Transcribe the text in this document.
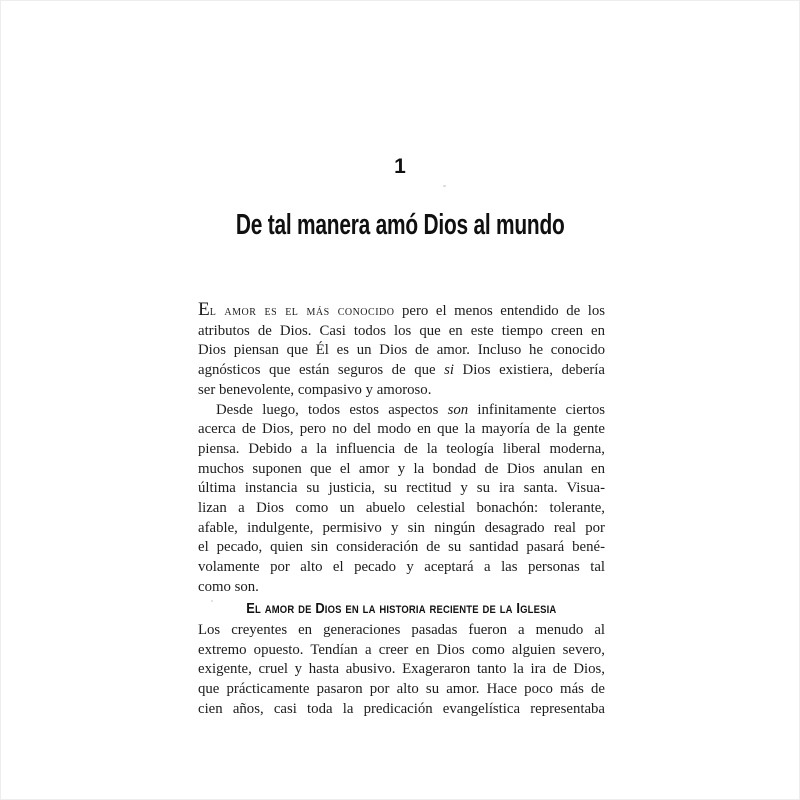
1
De tal manera amó Dios al mundo
El amor es el más conocido pero el menos entendido de los
atributos de Dios. Casi todos los que en este tiempo creen en
Dios piensan que Él es un Dios de amor. Incluso he conocido
agnósticos que están seguros de que si Dios existiera, debería
ser benevolente, compasivo y amoroso.
Desde luego, todos estos aspectos son infinitamente ciertos
acerca de Dios, pero no del modo en que la mayoría de la gente
piensa. Debido a la influencia de la teología liberal moderna,
muchos suponen que el amor y la bondad de Dios anulan en
última instancia su justicia, su rectitud y su ira santa. Visua-
lizan a Dios como un abuelo celestial bonachón: tolerante,
afable, indulgente, permisivo y sin ningún desagrado real por
el pecado, quien sin consideración de su santidad pasará bené-
volamente por alto el pecado y aceptará a las personas tal
como son.
El amor de Dios en la historia reciente de la Iglesia
Los creyentes en generaciones pasadas fueron a menudo al
extremo opuesto. Tendían a creer en Dios como alguien severo,
exigente, cruel y hasta abusivo. Exageraron tanto la ira de Dios,
que prácticamente pasaron por alto su amor. Hace poco más de
cien años, casi toda la predicación evangelística representaba
